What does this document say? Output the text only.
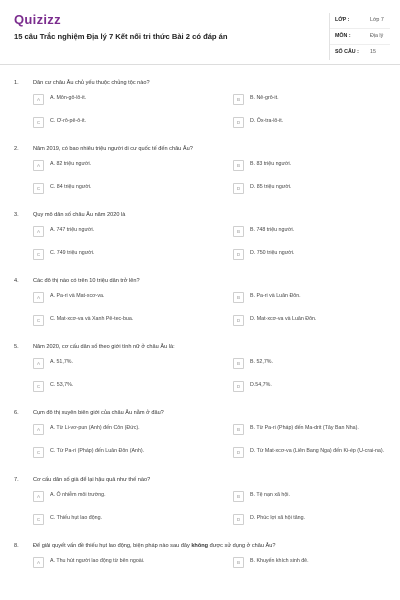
Quizizz
15 câu Trắc nghiệm Địa lý 7 Kết nối tri thức Bài 2 có đáp án
LỚP :	Lớp 7
MÔN :	Địa lý
SỐ CÂU : 15
1.	Dân cư châu Âu chủ yếu thuộc chủng tộc nào?
A	A. Môn-gô-lô-it.	B	B. Nê-grô-it.
C	C. Ơ-rô-pê-ô-it.	D	D. Ôx-tra-lô-it.
2.	Năm 2019, có bao nhiêu triệu người di cư quốc tế đến châu Âu?
A	A. 82 triệu người.	B	B. 83 triệu người.
C	C. 84 triệu người.	D	D. 85 triệu người.
3.	Quy mô dân số châu Âu năm 2020 là
A	A. 747 triệu người.	B	B. 748 triệu người.
C	C. 749 triệu người.	D	D. 750 triệu người.
4.	Các đô thị nào có trên 10 triệu dân trở lên?
A	A. Pa-ri và Mat-xcơ-va.	B	B. Pa-ri và Luân Đôn.
C	C. Mat-xcơ-va và Xanh Pê-tec-bua.	D	D. Mat-xcơ-va và Luân Đôn.
5.	Năm 2020, cơ cấu dân số theo giới tính nữ ở châu Âu là:
A	A. 51,7%.	B	B. 52,7%.
C	C. 53,7%.	D	D.54,7%.
6.	Cụm đô thị xuyên biên giới của châu Âu nằm ở đâu?
A	A. Từ Li-vơ-pun (Anh) đến Côn (Đức).	B	B. Từ Pa-ri (Pháp) đến Ma-drit (Tây Ban Nha).
C	C. Từ Pa-ri (Pháp) đến Luân Đôn (Anh).	D	D. Từ Mat-xcơ-va (Liên Bang Nga) đến Ki-ép (U-crai-na).
7.	Cơ cấu dân số già để lại hậu quả như thế nào?
A	A. Ô nhiễm môi trường.	B	B. Tệ nạn xã hội.
C	C. Thiếu hụt lao động.	D	D. Phúc lợi xã hội tăng.
8.	Để giải quyết vấn đề thiếu hụt lao động, biện pháp nào sau đây không được sử dụng ở châu Âu?
A	A. Thu hút người lao động từ bên ngoài.	B	B. Khuyến khích sinh đẻ.
